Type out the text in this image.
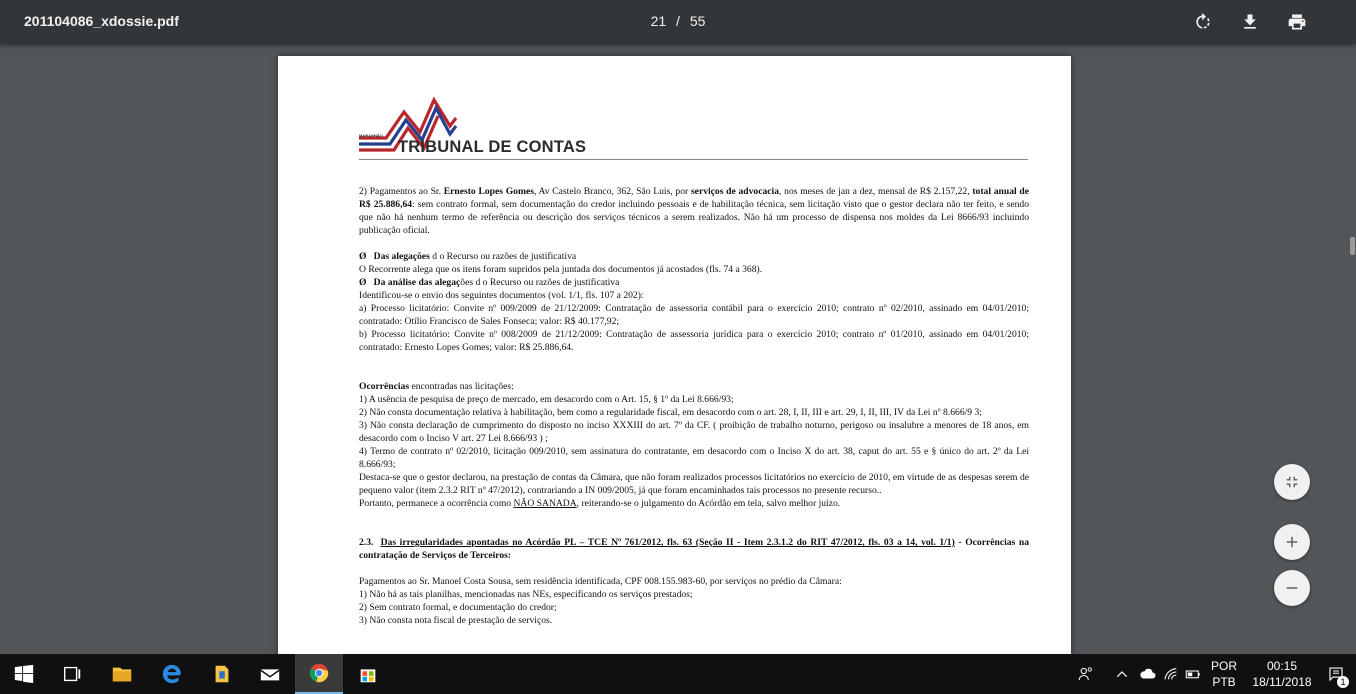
201104086_xdossie.pdf	21 / 55
MARANHÃO
TRIBUNAL DE CONTAS

2) Pagamentos ao Sr. Ernesto Lopes Gomes, Av Castelo Branco, 362, São Luis, por serviços de advocacia, nos meses de jan a dez, mensal de R$ 2.157,22, total anual de R$ 25.886,64: sem contrato formal, sem documentação do credor incluindo pessoais e de habilitação técnica, sem licitação visto que o gestor declara não ter feito, e sendo que não há nenhum termo de referência ou descrição dos serviços técnicos a serem realizados. Não há um processo de dispensa nos moldes da Lei 8666/93 incluindo publicação oficial.

Ø Das alegações d o Recurso ou razões de justificativa

O Recorrente alega que os itens foram supridos pela juntada dos documentos já acostados (fls. 74 a 368).

Ø Da análise das alegações d o Recurso ou razões de justificativa

Identificou-se o envio dos seguintes documentos (vol. 1/1, fls. 107 a 202):

a) Processo licitatório: Convite nº 009/2009 de 21/12/2009: Contratação de assessoria contábil para o exercício 2010; contrato nº 02/2010, assinado em 04/01/2010; contratado: Otílio Francisco de Sales Fonseca; valor: R$ 40.177,92;

b) Processo licitatório: Convite nº 008/2009 de 21/12/2009: Contratação de assessoria jurídica para o exercício 2010; contrato nº 01/2010, assinado em 04/01/2010; contratado: Ernesto Lopes Gomes; valor: R$ 25.886,64.

Ocorrências encontradas nas licitações:

1) A usência de pesquisa de preço de mercado, em desacordo com o Art. 15, § 1º da Lei 8.666/93;

2) Não consta documentação relativa à habilitação, bem como a regularidade fiscal, em desacordo com o art. 28, I, II, III e art. 29, I, II, III, IV da Lei nº 8.666/9 3;

3) Não consta declaração de cumprimento do disposto no inciso XXXIII do art. 7º da CF. ( proibição de trabalho noturno, perigoso ou insalubre a menores de 18 anos, em desacordo com o Inciso V art. 27 Lei 8.666/93 ) ;

4) Termo de contrato nº 02/2010, licitação 009/2010, sem assinatura do contratante, em desacordo com o Inciso X do art. 38, caput do art. 55 e § único do art. 2º da Lei 8.666/93;

Destaca-se que o gestor declarou, na prestação de contas da Câmara, que não foram realizados processos licitatórios no exercício de 2010, em virtude de as despesas serem de pequeno valor (item 2.3.2 RIT nº 47/2012), contrariando a IN 009/2005, já que foram encaminhados tais processos no presente recurso..

Portanto, permanece a ocorrência como NÃO SANADA, reiterando-se o julgamento do Acórdão em tela, salvo melhor juízo.

2.3. Das irregularidades apontadas no Acórdão PL – TCE Nº 761/2012, fls. 63 (Seção II - Item 2.3.1.2 do RIT 47/2012, fls. 03 a 14, vol. 1/1) - Ocorrências na contratação de Serviços de Terceiros:

Pagamentos ao Sr. Manoel Costa Sousa, sem residência identificada, CPF 008.155.983-60, por serviços no prédio da Câmara:

1) Não há as tais planilhas, mencionadas nas NEs, especificando os serviços prestados;

2) Sem contrato formal, e documentação do credor;

3) Não consta nota fiscal de prestação de serviços.

POR
PTB
00:15
18/11/2018	1
